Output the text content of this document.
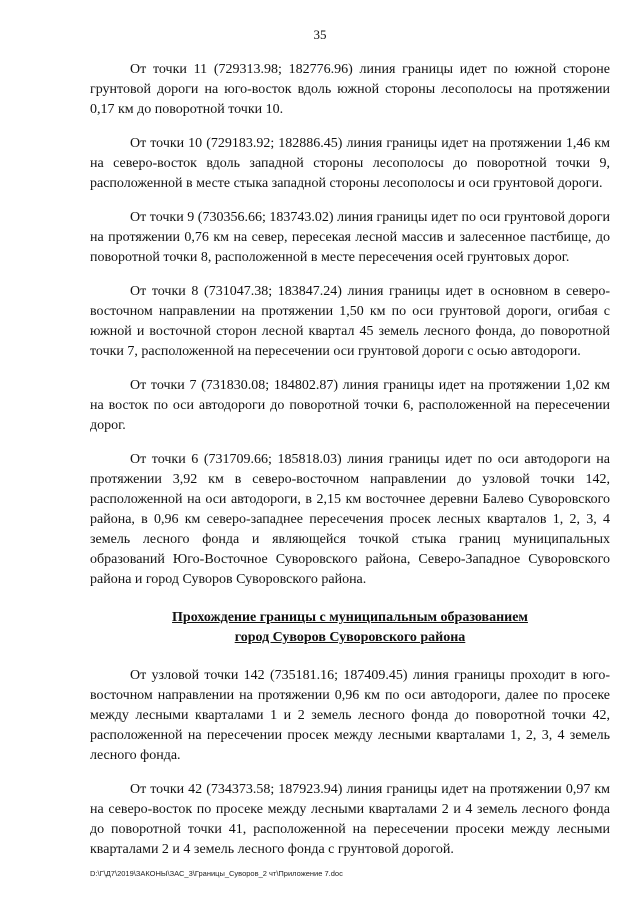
35

От точки 11 (729313.98; 182776.96) линия границы идет по южной стороне грунтовой дороги на юго-восток вдоль южной стороны лесополосы на протяжении 0,17 км до поворотной точки 10.

От точки 10 (729183.92; 182886.45) линия границы идет на протяжении 1,46 км на северо-восток вдоль западной стороны лесополосы до поворотной точки 9, расположенной в месте стыка западной стороны лесополосы и оси грунтовой дороги.

От точки 9 (730356.66; 183743.02) линия границы идет по оси грунтовой дороги на протяжении 0,76 км на север, пересекая лесной массив и залесенное пастбище, до поворотной точки 8, расположенной в месте пересечения осей грунтовых дорог.

От точки 8 (731047.38; 183847.24) линия границы идет в основном в северо-восточном направлении на протяжении 1,50 км по оси грунтовой дороги, огибая с южной и восточной сторон лесной квартал 45 земель лесного фонда, до поворотной точки 7, расположенной на пересечении оси грунтовой дороги с осью автодороги.

От точки 7 (731830.08; 184802.87) линия границы идет на протяжении 1,02 км на восток по оси автодороги до поворотной точки 6, расположенной на пересечении дорог.

От точки 6 (731709.66; 185818.03) линия границы идет по оси автодороги на протяжении 3,92 км в северо-восточном направлении до узловой точки 142, расположенной на оси автодороги, в 2,15 км восточнее деревни Балево Суворовского района, в 0,96 км северо-западнее пересечения просек лесных кварталов 1, 2, 3, 4 земель лесного фонда и являющейся точкой стыка границ муниципальных образований Юго-Восточное Суворовского района, Северо-Западное Суворовского района и город Суворов Суворовского района.

Прохождение границы с муниципальным образованием
город Суворов Суворовского района

От узловой точки 142 (735181.16; 187409.45) линия границы проходит в юго-восточном направлении на протяжении 0,96 км по оси автодороги, далее по просеке между лесными кварталами 1 и 2 земель лесного фонда до поворотной точки 42, расположенной на пересечении просек между лесными кварталами 1, 2, 3, 4 земель лесного фонда.

От точки 42 (734373.58; 187923.94) линия границы идет на протяжении 0,97 км на северо-восток по просеке между лесными кварталами 2 и 4 земель лесного фонда до поворотной точки 41, расположенной на пересечении просеки между лесными кварталами 2 и 4 земель лесного фонда с грунтовой дорогой.

D:\Г\Д7\2019\ЗАКОНЫ\ЗАС_3\Границы_Суворов_2 чт\Приложение 7.doc
